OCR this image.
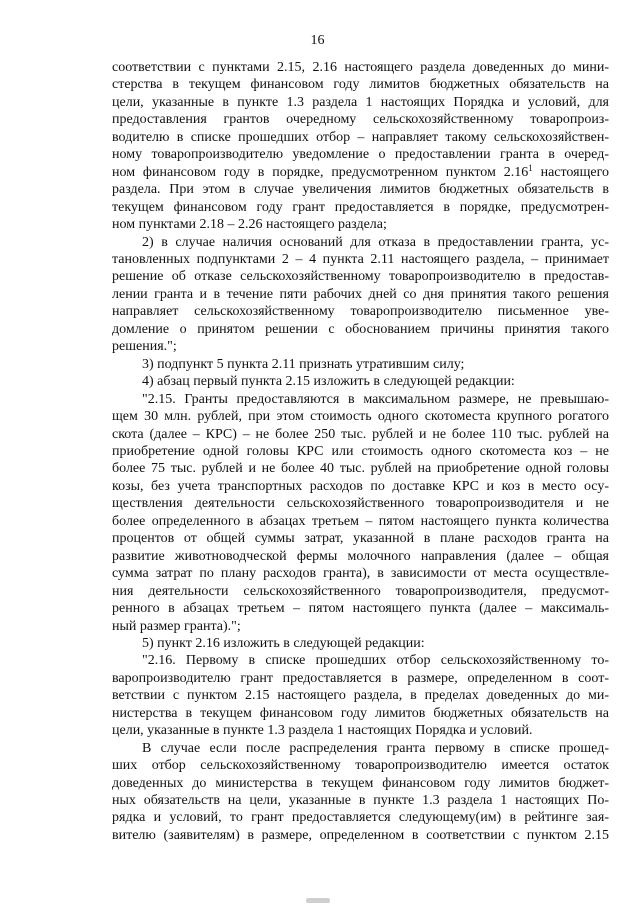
16

соответствии с пунктами 2.15, 2.16 настоящего раздела доведенных до мини-
стерства в текущем финансовом году лимитов бюджетных обязательств на
цели, указанные в пункте 1.3 раздела 1 настоящих Порядка и условий, для
предоставления грантов очередному сельскохозяйственному товаропроиз-
водителю в списке прошедших отбор – направляет такому сельскохозяйствен-
ному товаропроизводителю уведомление о предоставлении гранта в очеред-
ном финансовом году в порядке, предусмотренном пунктом 2.16$^1$ настоящего
раздела. При этом в случае увеличения лимитов бюджетных обязательств в
текущем финансовом году грант предоставляется в порядке, предусмотрен-
ном пунктами 2.18 – 2.26 настоящего раздела;

2) в случае наличия оснований для отказа в предоставлении гранта, ус-
тановленных подпунктами 2 – 4 пункта 2.11 настоящего раздела, – принимает
решение об отказе сельскохозяйственному товаропроизводителю в предостав-
лении гранта и в течение пяти рабочих дней со дня принятия такого решения
направляет сельскохозяйственному товаропроизводителю письменное уве-
домление о принятом решении с обоснованием причины принятия такого
решения.";

3) подпункт 5 пункта 2.11 признать утратившим силу;

4) абзац первый пункта 2.15 изложить в следующей редакции:

"2.15. Гранты предоставляются в максимальном размере, не превышаю-
щем 30 млн. рублей, при этом стоимость одного скотоместа крупного рогатого
скота (далее – КРС) – не более 250 тыс. рублей и не более 110 тыс. рублей на
приобретение одной головы КРС или стоимость одного скотоместа коз – не
более 75 тыс. рублей и не более 40 тыс. рублей на приобретение одной головы
козы, без учета транспортных расходов по доставке КРС и коз в место осу-
ществления деятельности сельскохозяйственного товаропроизводителя и не
более определенного в абзацах третьем – пятом настоящего пункта количества
процентов от общей суммы затрат, указанной в плане расходов гранта на
развитие животноводческой фермы молочного направления (далее – общая
сумма затрат по плану расходов гранта), в зависимости от места осуществле-
ния деятельности сельскохозяйственного товаропроизводителя, предусмот-
ренного в абзацах третьем – пятом настоящего пункта (далее – максималь-
ный размер гранта).";

5) пункт 2.16 изложить в следующей редакции:

"2.16. Первому в списке прошедших отбор сельскохозяйственному то-
варопроизводителю грант предоставляется в размере, определенном в соот-
ветствии с пунктом 2.15 настоящего раздела, в пределах доведенных до ми-
нистерства в текущем финансовом году лимитов бюджетных обязательств на
цели, указанные в пункте 1.3 раздела 1 настоящих Порядка и условий.

В случае если после распределения гранта первому в списке прошед-
ших отбор сельскохозяйственному товаропроизводителю имеется остаток
доведенных до министерства в текущем финансовом году лимитов бюджет-
ных обязательств на цели, указанные в пункте 1.3 раздела 1 настоящих По-
рядка и условий, то грант предоставляется следующему(им) в рейтинге зая-
вителю (заявителям) в размере, определенном в соответствии с пунктом 2.15
